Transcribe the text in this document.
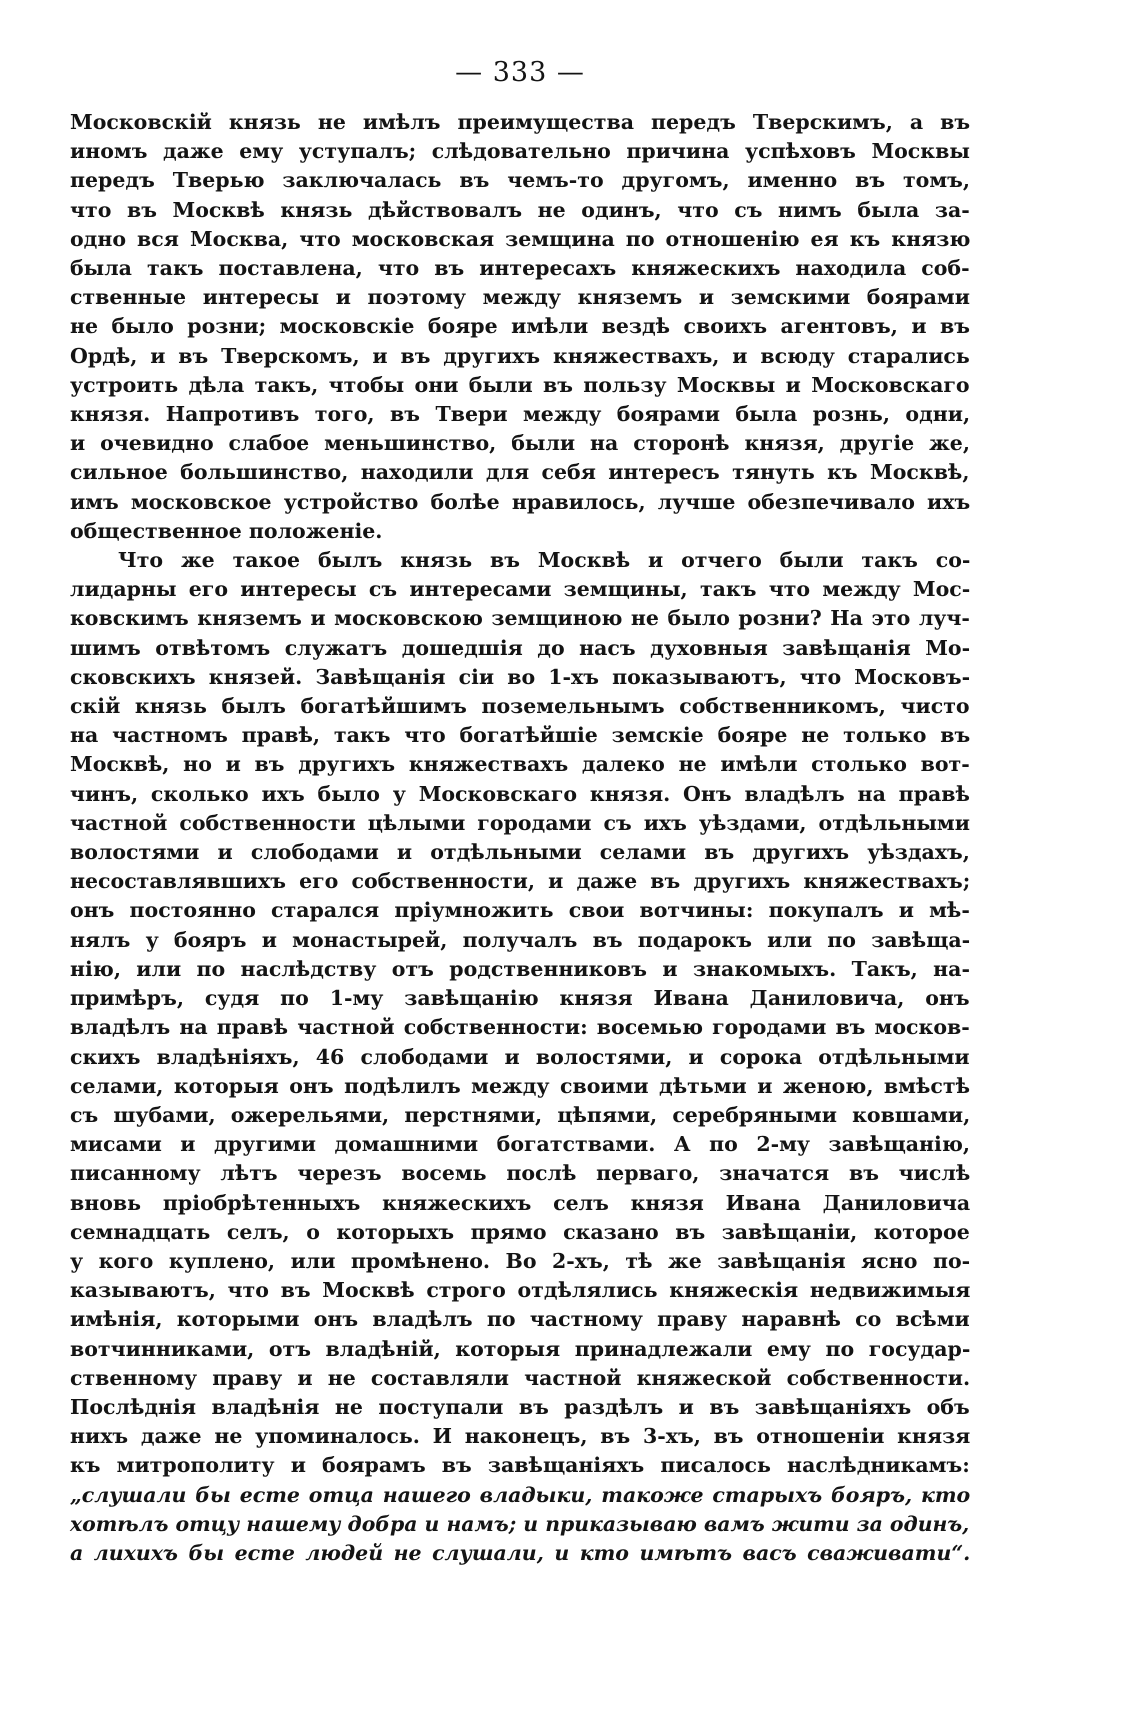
— 333 —
Московскій князь не имѣлъ преимущества передъ Тверскимъ, а въ
иномъ даже ему уступалъ; слѣдовательно причина успѣховъ Москвы
передъ Тверью заключалась въ чемъ-то другомъ, именно въ томъ,
что въ Москвѣ князь дѣйствовалъ не одинъ, что съ нимъ была за-
одно вся Москва, что московская земщина по отношенію ея къ князю
была такъ поставлена, что въ интересахъ княжескихъ находила соб-
ственные интересы и поэтому между княземъ и земскими боярами
не было розни; московскіе бояре имѣли вездѣ своихъ агентовъ, и въ
Ордѣ, и въ Тверскомъ, и въ другихъ княжествахъ, и всюду старались
устроить дѣла такъ, чтобы они были въ пользу Москвы и Московскаго
князя. Напротивъ того, въ Твери между боярами была рознь, одни,
и очевидно слабое меньшинство, были на сторонѣ князя, другіе же,
сильное большинство, находили для себя интересъ тянуть къ Москвѣ,
имъ московское устройство болѣе нравилось, лучше обезпечивало ихъ
общественное положеніе.
Что же такое былъ князь въ Москвѣ и отчего были такъ со-
лидарны его интересы съ интересами земщины, такъ что между Мос-
ковскимъ княземъ и московскою земщиною не было розни? На это луч-
шимъ отвѣтомъ служатъ дошедшія до насъ духовныя завѣщанія Мо-
сковскихъ князей. Завѣщанія сіи во 1-хъ показываютъ, что Московъ-
скій князь былъ богатѣйшимъ поземельнымъ собственникомъ, чисто
на частномъ правѣ, такъ что богатѣйшіе земскіе бояре не только въ
Москвѣ, но и въ другихъ княжествахъ далеко не имѣли столько вот-
чинъ, сколько ихъ было у Московскаго князя. Онъ владѣлъ на правѣ
частной собственности цѣлыми городами съ ихъ уѣздами, отдѣльными
волостями и слободами и отдѣльными селами въ другихъ уѣздахъ,
несоставлявшихъ его собственности, и даже въ другихъ княжествахъ;
онъ постоянно старался пріумножить свои вотчины: покупалъ и мѣ-
нялъ у бояръ и монастырей, получалъ въ подарокъ или по завѣща-
нію, или по наслѣдству отъ родственниковъ и знакомыхъ. Такъ, на-
примѣръ, судя по 1-му завѣщанію князя Ивана Даниловича, онъ
владѣлъ на правѣ частной собственности: восемью городами въ москов-
скихъ владѣніяхъ, 46 слободами и волостями, и сорока отдѣльными
селами, которыя онъ подѣлилъ между своими дѣтьми и женою, вмѣстѣ
съ шубами, ожерельями, перстнями, цѣпями, серебряными ковшами,
мисами и другими домашними богатствами. А по 2-му завѣщанію,
писанному лѣтъ черезъ восемь послѣ перваго, значатся въ числѣ
вновь пріобрѣтенныхъ княжескихъ селъ князя Ивана Даниловича
семнадцать селъ, о которыхъ прямо сказано въ завѣщаніи, которое
у кого куплено, или промѣнено. Во 2-хъ, тѣ же завѣщанія ясно по-
казываютъ, что въ Москвѣ строго отдѣлялись княжескія недвижимыя
имѣнія, которыми онъ владѣлъ по частному праву наравнѣ со всѣми
вотчинниками, отъ владѣній, которыя принадлежали ему по государ-
ственному праву и не составляли частной княжеской собственности.
Послѣднія владѣнія не поступали въ раздѣлъ и въ завѣщаніяхъ объ
нихъ даже не упоминалось. И наконецъ, въ 3-хъ, въ отношеніи князя
къ митрополиту и боярамъ въ завѣщаніяхъ писалось наслѣдникамъ:
„слушали бы есте отца нашего владыки, такоже старыхъ бояръ, кто
хотѣлъ отцу нашему добра и намъ; и приказываю вамъ жити за одинъ,
а лихихъ бы есте людей не слушали, и кто имѣтъ васъ сваживати“.
